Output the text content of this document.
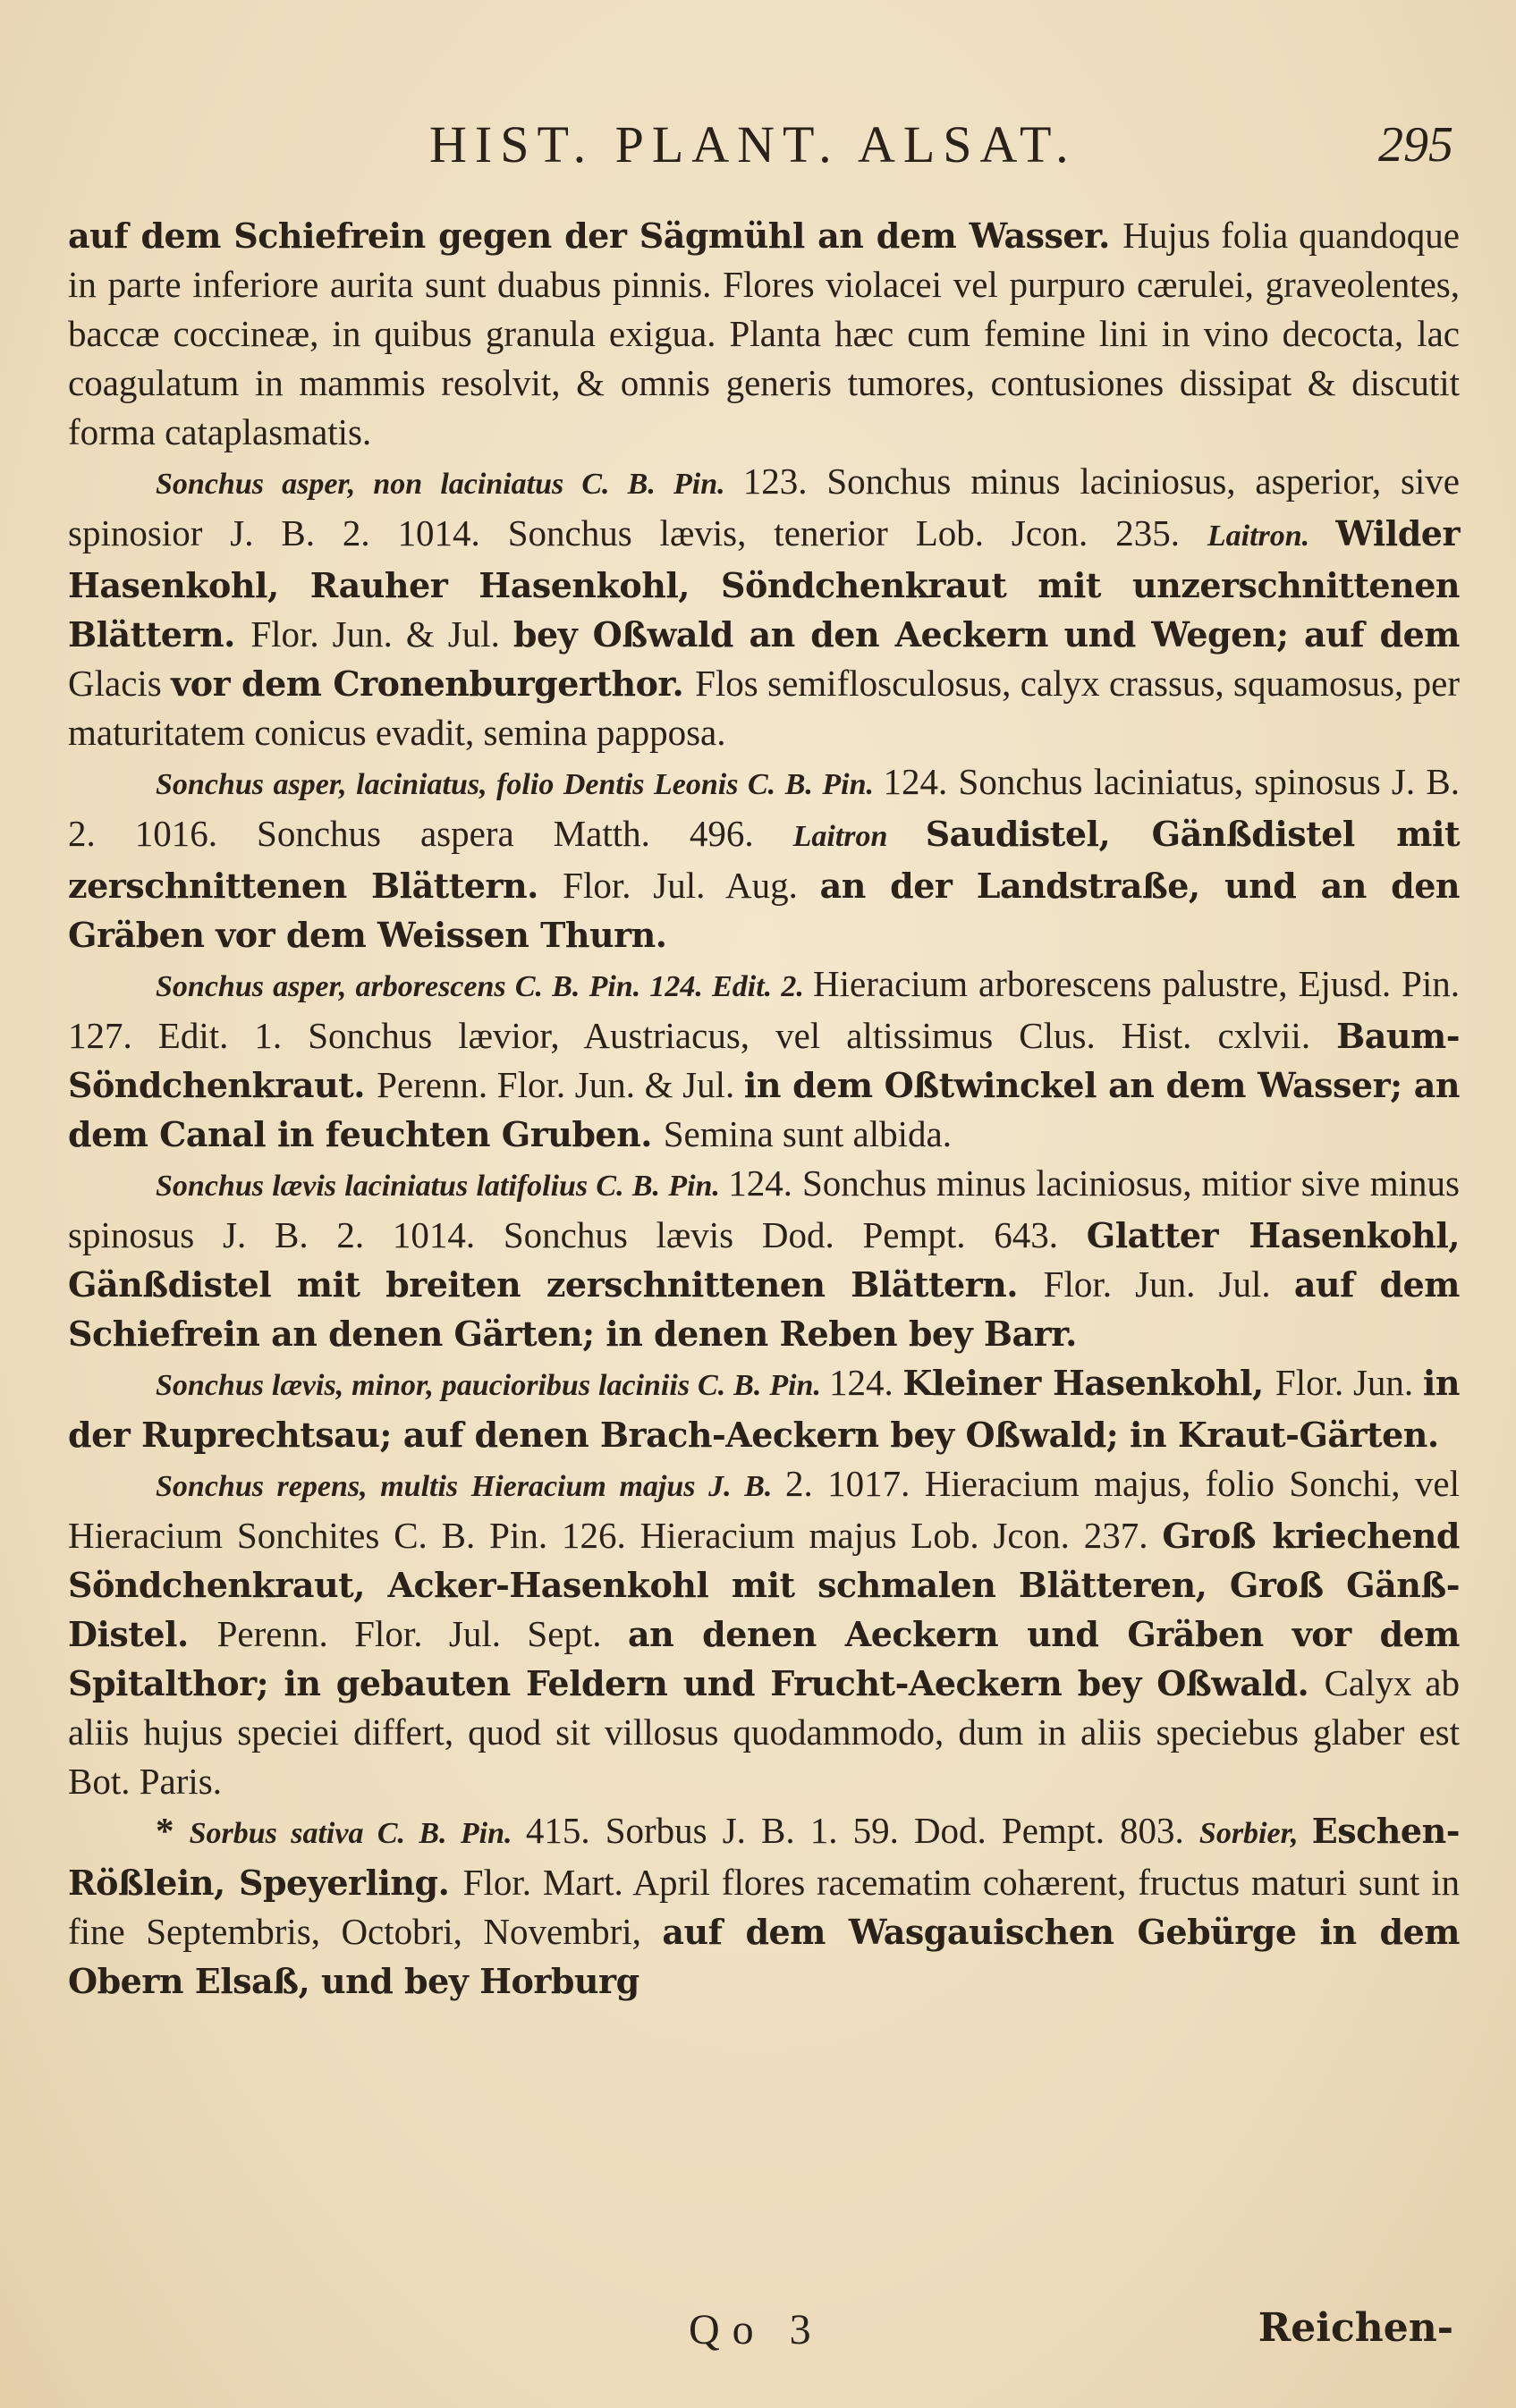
HIST. PLANT. ALSAT.	295

auf dem Schiefrein gegen der Sägmühl an dem Wasser. Hujus folia quandoque in parte inferiore aurita sunt duabus pinnis. Flores violacei vel purpuro cærulei, graveolentes, baccæ coccineæ, in quibus granula exigua. Planta hæc cum femine lini in vino decocta, lac coagulatum in mammis resolvit, & omnis generis tumores, contusiones dissipat & discutit forma cataplasmatis.

Sonchus asper, non laciniatus C. B. Pin. 123. Sonchus minus laciniosus, asperior, sive spinosior J. B. 2. 1014. Sonchus lævis, tenerior Lob. Jcon. 235. Laitron. Wilder Hasenkohl, Rauher Hasenkohl, Söndchenkraut mit unzerschnittenen Blättern. Flor. Jun. & Jul. bey Oßwald an den Aeckern und Wegen; auf dem Glacis vor dem Cronenburgerthor. Flos semiflosculosus, calyx crassus, squamosus, per maturitatem conicus evadit, semina papposa.

Sonchus asper, laciniatus, folio Dentis Leonis C. B. Pin. 124. Sonchus laciniatus, spinosus J. B. 2. 1016. Sonchus aspera Matth. 496. Laitron Saudistel, Gänßdistel mit zerschnittenen Blättern. Flor. Jul. Aug. an der Landstraße, und an den Gräben vor dem Weissen Thurn.

Sonchus asper, arborescens C. B. Pin. 124. Edit. 2. Hieracium arborescens palustre, Ejusd. Pin. 127. Edit. 1. Sonchus lævior, Austriacus, vel altissimus Clus. Hist. cxlvii. Baum-Söndchenkraut. Perenn. Flor. Jun. & Jul. in dem Oßtwinckel an dem Wasser; an dem Canal in feuchten Gruben. Semina sunt albida.

Sonchus lævis laciniatus latifolius C. B. Pin. 124. Sonchus minus laciniosus, mitior sive minus spinosus J. B. 2. 1014. Sonchus lævis Dod. Pempt. 643. Glatter Hasenkohl, Gänßdistel mit breiten zerschnittenen Blättern. Flor. Jun. Jul. auf dem Schiefrein an denen Gärten; in denen Reben bey Barr.

Sonchus lævis, minor, paucioribus laciniis C. B. Pin. 124. Kleiner Hasenkohl, Flor. Jun. in der Ruprechtsau; auf denen Brach-Aeckern bey Oßwald; in Kraut-Gärten.

Sonchus repens, multis Hieracium majus J. B. 2. 1017. Hieracium majus, folio Sonchi, vel Hieracium Sonchites C. B. Pin. 126. Hieracium majus Lob. Jcon. 237. Groß kriechend Söndchenkraut, Acker-Hasenkohl mit schmalen Blätteren, Groß Gänß-Distel. Perenn. Flor. Jul. Sept. an denen Aeckern und Gräben vor dem Spitalthor; in gebauten Feldern und Frucht-Aeckern bey Oßwald. Calyx ab aliis hujus speciei differt, quod sit villosus quodammodo, dum in aliis speciebus glaber est Bot. Paris.

* Sorbus sativa C. B. Pin. 415. Sorbus J. B. 1. 59. Dod. Pempt. 803. Sorbier, Eschen-Rößlein, Speyerling. Flor. Mart. April flores racematim cohærent, fructus maturi sunt in fine Septembris, Octobri, Novembri, auf dem Wasgauischen Gebürge in dem Obern Elsaß, und bey Horburg

Qo 3	Reichen-
